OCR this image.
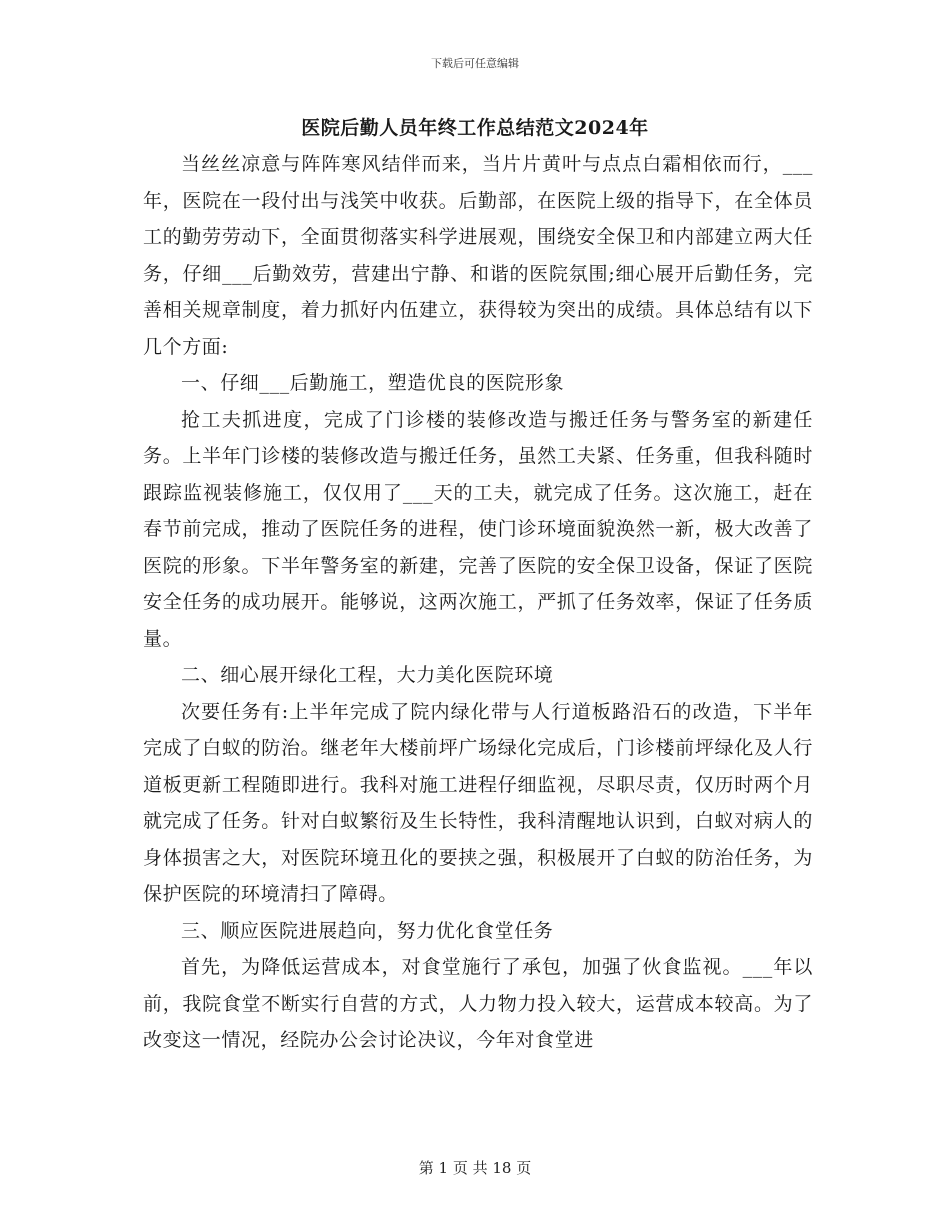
下载后可任意编辑
医院后勤人员年终工作总结范文2024年

当丝丝凉意与阵阵寒风结伴而来，当片片黄叶与点点白霜相依而行，___年，医院在一段付出与浅笑中收获。后勤部，在医院上级的指导下，在全体员工的勤劳劳动下，全面贯彻落实科学进展观，围绕安全保卫和内部建立两大任务，仔细___后勤效劳，营建出宁静、和谐的医院氛围;细心展开后勤任务，完善相关规章制度，着力抓好内伍建立，获得较为突出的成绩。具体总结有以下几个方面:

一、仔细___后勤施工，塑造优良的医院形象

抢工夫抓进度，完成了门诊楼的装修改造与搬迁任务与警务室的新建任务。上半年门诊楼的装修改造与搬迁任务，虽然工夫紧、任务重，但我科随时跟踪监视装修施工，仅仅用了___天的工夫，就完成了任务。这次施工，赶在春节前完成，推动了医院任务的进程，使门诊环境面貌涣然一新，极大改善了医院的形象。下半年警务室的新建，完善了医院的安全保卫设备，保证了医院安全任务的成功展开。能够说，这两次施工，严抓了任务效率，保证了任务质量。

二、细心展开绿化工程，大力美化医院环境

次要任务有:上半年完成了院内绿化带与人行道板路沿石的改造，下半年完成了白蚁的防治。继老年大楼前坪广场绿化完成后，门诊楼前坪绿化及人行道板更新工程随即进行。我科对施工进程仔细监视，尽职尽责，仅历时两个月就完成了任务。针对白蚁繁衍及生长特性，我科清醒地认识到，白蚁对病人的身体损害之大，对医院环境丑化的要挟之强，积极展开了白蚁的防治任务，为保护医院的环境清扫了障碍。

三、顺应医院进展趋向，努力优化食堂任务

首先，为降低运营成本，对食堂施行了承包，加强了伙食监视。___年以前，我院食堂不断实行自营的方式，人力物力投入较大，运营成本较高。为了改变这一情况，经院办公会讨论决议，今年对食堂进

第 1 页 共 18 页
